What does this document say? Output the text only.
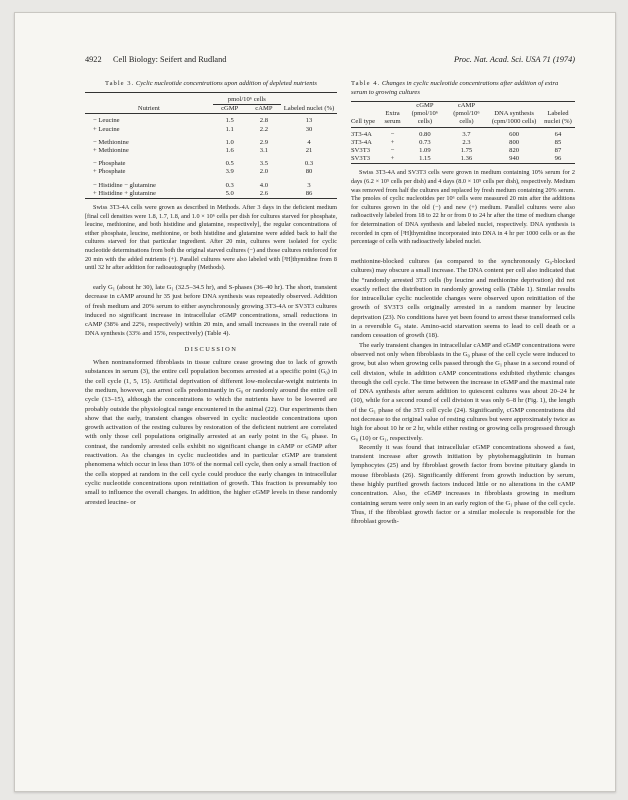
4922 Cell Biology: Seifert and Rudland	Proc. Nat. Acad. Sci. USA 71 (1974)
Table 3. Cyclic nucleotide concentrations upon addition of depleted nutrients
Nutrient	pmol/10⁶ cells		Labeled nuclei (%)
	cGMP	cAMP	

− Leucine	1.5	2.8	13
+ Leucine	1.1	2.2	30

− Methionine	1.0	2.9	4
+ Methionine	1.6	3.1	21

− Phosphate	0.5	3.5	0.3
+ Phosphate	3.9	2.0	80

− Histidine − glutamine	0.3	4.0	3
+ Histidine + glutamine	5.0	2.6	86

Swiss 3T3-4A cells were grown as described in Methods. After 3 days in the deficient medium [final cell densities were 1.8, 1.7, 1.8, and 1.0 × 10⁶ cells per dish for cultures starved for phosphate, leucine, methionine, and both histidine and glutamine, respectively], the regular concentrations of either phosphate, leucine, methionine, or both histidine and glutamine were added back to half the cultures starved for that particular ingredient. After 20 min, cultures were isolated for cyclic nucleotide determinations from both the original starved cultures (−) and those cultures reinforced for 20 min with the added nutrients (+). Parallel cultures were also labeled with [³H]thymidine from 8 until 32 hr after addition for radioautography (Methods).

early G₁ (about hr 30), late G₁ (32.5–34.5 hr), and S-phases (36–40 hr). The short, transient decrease in cAMP around hr 35 just before DNA synthesis was repeatedly observed. Addition of fresh medium and 20% serum to either asynchronously growing 3T3-4A or SV3T3 cultures induced no significant increase in intracellular cGMP concentrations, small reductions in cAMP (38% and 22%, respectively) within 20 min, and small increases in the overall rate of DNA synthesis (33% and 15%, respectively) (Table 4).

DISCUSSION

When nontransformed fibroblasts in tissue culture cease growing due to lack of growth substances in serum (3), the entire cell population becomes arrested at a specific point (G₀) in the cell cycle (1, 5, 15). Artificial deprivation of different low-molecular-weight nutrients in the medium, however, can arrest cells predominantly in G₀ or randomly around the entire cell cycle (13–15), although the concentrations to which the nutrients have to be lowered are probably outside the physiological range encountered in the animal (22). Our experiments then show that the early, transient changes observed in cyclic nucleotide concentrations upon growth activation of the resting cultures by restoration of the deficient nutrient are correlated with only those cell populations originally arrested at an early point in the G₀ phase. In contrast, the randomly arrested cells exhibit no significant change in cAMP or cGMP after reactivation. As the changes in cyclic nucleotides and in particular cGMP are transient phenomena which occur in less than 10% of the normal cell cycle, then only a small fraction of the cells stopped at random in the cell cycle could produce the early changes in intracellular cyclic nucleotide concentrations upon reinitiation of growth. This fraction is presumably too small to influence the overall changes. In addition, the higher cGMP levels in these randomly arrested leucine- or

Table 4. Changes in cyclic nucleotide concentrations after addition of extra serum to growing cultures
Cell type	Extra serum	cGMP (pmol/10⁶ cells)	cAMP (pmol/10⁶ cells)	DNA synthesis (cpm/1000 cells)	Labeled nuclei (%)

3T3-4A	−	0.80	3.7	600	64
3T3-4A	+	0.73	2.3	800	85
SV3T3	−	1.09	1.75	820	87
SV3T3	+	1.15	1.36	940	96

Swiss 3T3-4A and SV3T3 cells were grown in medium containing 10% serum for 2 days (6.2 × 10⁵ cells per dish) and 4 days (8.0 × 10⁵ cells per dish), respectively. Medium was removed from half the cultures and replaced by fresh medium containing 20% serum. The pmoles of cyclic nucleotides per 10⁶ cells were measured 20 min after the additions for cultures grown in the old (−) and new (+) medium. Parallel cultures were also radioactively labeled from 18 to 22 hr or from 0 to 24 hr after the time of medium change for determination of DNA synthesis and labeled nuclei, respectively. DNA synthesis is recorded in cpm of [³H]thymidine incorporated into DNA in 4 hr per 1000 cells or as the percentage of cells with radioactively labeled nuclei.

methionine-blocked cultures (as compared to the synchronously G₀-blocked cultures) may obscure a small increase. The DNA content per cell also indicated that the “randomly arrested 3T3 cells (by leucine and methionine deprivation) did not exactly reflect the distribution in randomly growing cells (Table 1). Similar results for intracellular cyclic nucleotide changes were observed upon reinitiation of the growth of SV3T3 cells originally arrested in a random manner by leucine deprivation (23). No conditions have yet been found to arrest these transformed cells in a reversible G₀ state. Amino-acid starvation seems to lead to cell death or a random cessation of growth (18).

The early transient changes in intracellular cAMP and cGMP concentrations were observed not only when fibroblasts in the G₀ phase of the cell cycle were induced to grow, but also when growing cells passed through the G₁ phase in a second round of cell division, while in addition cAMP concentrations exhibited rhythmic changes through the cell cycle. The time between the increase in cGMP and the maximal rate of DNA synthesis after serum addition to quiescent cultures was about 20–24 hr (10), while for a second round of cell division it was only 6–8 hr (Fig. 1), the length of the G₁ phase of the 3T3 cell cycle (24). Significantly, cGMP concentrations did not decrease to the original value of resting cultures but were approximately twice as high for about 10 hr or 2 hr, while either resting or growing cells progressed through G₀ (10) or G₁, respectively.

Recently it was found that intracellular cGMP concentrations showed a fast, transient increase after growth initiation by phytohemagglutinin in human lymphocytes (25) and by fibroblast growth factor from bovine pituitary glands in mouse fibroblasts (26). Significantly different from growth induction by serum, these highly purified growth factors induced little or no alterations in the cAMP concentration. Also, the cGMP increases in fibroblasts growing in medium containing serum were only seen in an early region of the G₁ phase of the cell cycle. Thus, if the fibroblast growth factor or a similar molecule is responsible for the fibroblast growth-
